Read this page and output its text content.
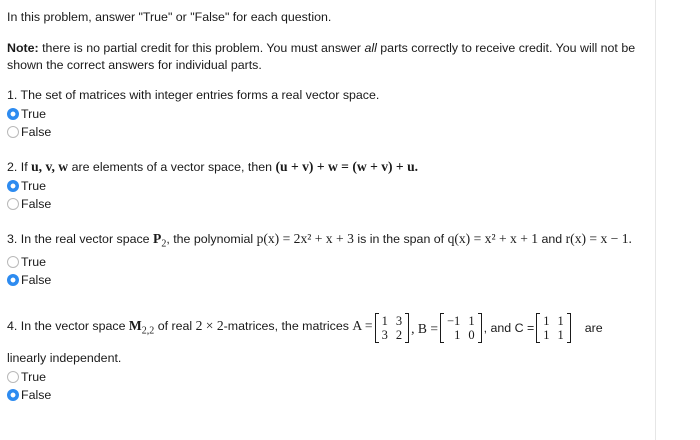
In this problem, answer "True" or "False" for each question.
Note: there is no partial credit for this problem. You must answer all parts correctly to receive credit. You will not be shown the correct answers for individual parts.
1. The set of matrices with integer entries forms a real vector space.
True
False
2. If u, v, w are elements of a vector space, then (u + v) + w = (w + v) + u.
True
False
3. In the real vector space $P_2$, the polynomial p(x) = 2x² + x + 3 is in the span of q(x) = x² + x + 1 and r(x) = x − 1.
True
False
4. In the vector space $M_{2,2}$ of real 2 × 2-matrices, the matrices A = 1 3
3 2 , B = −1 1
1 0
, and C = 1 1
1 1
are
linearly independent.
True
False
